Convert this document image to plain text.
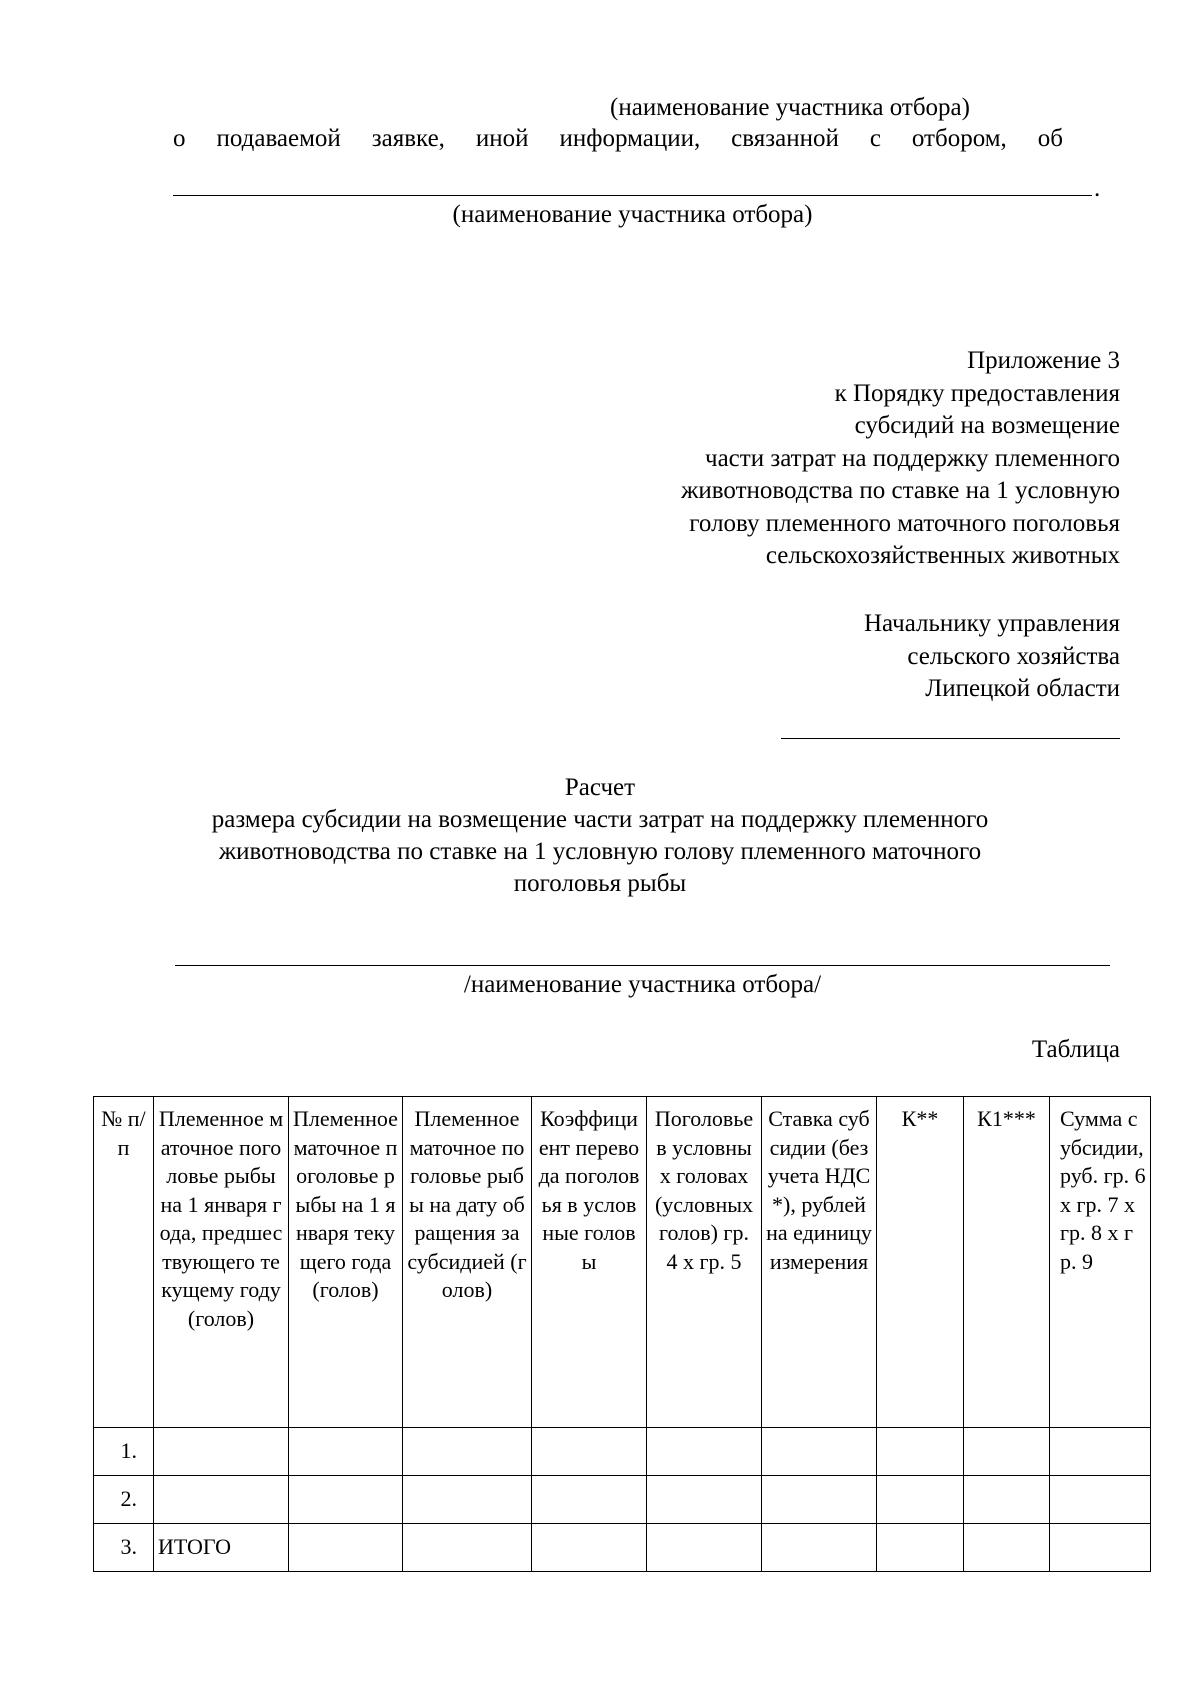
(наименование участника отбора)
о подаваемой заявке, иной информации, связанной с отбором, об
.
(наименование участника отбора)
Приложение 3
к Порядку предоставления
субсидий на возмещение
части затрат на поддержку племенного
животноводства по ставке на 1 условную
голову племенного маточного поголовья
сельскохозяйственных животных
Начальнику управления
сельского хозяйства
Липецкой области
Расчет
размера субсидии на возмещение части затрат на поддержку племенного
животноводства по ставке на 1 условную голову племенного маточного
поголовья рыбы
/наименование участника отбора/
Таблица
№ п/п	Племенное маточное поголовье рыбы на 1 января года, предшествующего текущему году (голов)	Племенное маточное поголовье рыбы на 1 января текущего года (голов)	Племенное маточное поголовье рыбы на дату обращения за субсидией (голов)	Коэффициент перевода поголовья в условные головы	Поголовье в условных головах (условных голов) гр. 4 х гр. 5	Ставка субсидии (без учета НДС *), рублей на единицу измерения	К**	К1***	Сумма субсидии, руб. гр. 6 х гр. 7 х гр. 8 х гр. 9
1.									
2.									
3.	ИТОГО								
